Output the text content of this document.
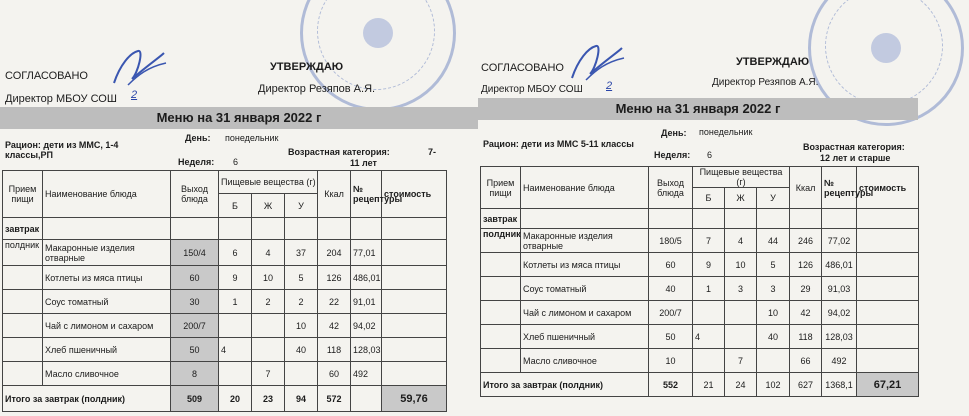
СОГЛАСОВАНО
УТВЕРЖДАЮ
Директор МБОУ СОШ 2	Директор Резяпов А.Я.
Меню на 31 января 2022 г
Рацион: дети из МMC, 1-4 классы,РП
День: понедельник
Неделя: 6
Возрастная категория:	7-
11 лет
Прием пищи	Наименование блюда	Выход блюда	Пищевые вещества (г)			Ккал	№ рецептуры	стоимость
			Б	Ж	У			
завтрак								
полдник	Макаронные изделия отварные	150/4	6	4	37	204	77,01	
	Котлеты из мяса птицы	60	9	10	5	126	486,01	
	Соус томатный	30	1	2	2	22	91,01	
	Чай с лимоном и сахаром	200/7			10	42	94,02	
	Хлеб пшеничный	50	4		40	118	128,03	
	Масло сливочное	8		7		60	492	
Итого за завтрак (полдник)		509	20	23	94	572		59,76
СОГЛАСОВАНО	УТВЕРЖДАЮ
Директор МБОУ СОШ 2	Директор Резяпов А.Я.
Меню на 31 января 2022 г
Рацион: дети из МMC 5-11 классы
День: понедельник
Неделя: 6
Возрастная категория:
12 лет и старше
Прием пищи	Наименование блюда	Выход блюда	Пищевые вещества (г)			Ккал	№ рецептуры	стоимость
			Б	Ж	У			
завтрак								
полдник	Макаронные изделия отварные	180/5	7	4	44	246	77,02	
	Котлеты из мяса птицы	60	9	10	5	126	486,01	
	Соус томатный	40	1	3	3	29	91,03	
	Чай с лимоном и сахаром	200/7			10	42	94,02	
	Хлеб пшеничный	50	4		40	118	128,03	
	Масло сливочное	10		7		66	492	
Итого за завтрак (полдник)		552	21	24	102	627	1368,1	67,21
